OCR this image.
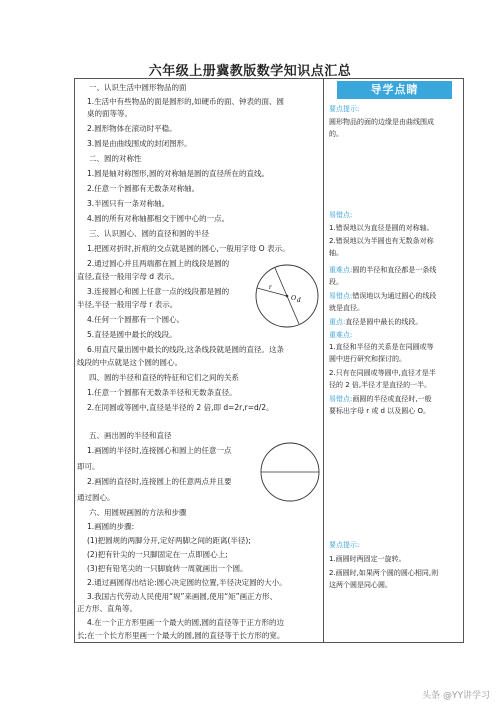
六年级上册冀教版数学知识点汇总
一、认识生活中圆形物品的面
1.生活中有些物品的面是圆形的,如硬币的面、钟表的面、圆
桌的面等等。
2.圆形物体在滚动时平稳。
3.圆是由曲线围成的封闭图形。
二、圆的对称性
1.圆是轴对称图形,圆的对称轴是圆的直径所在的直线。
2.任意一个圆都有无数条对称轴。
3.半圆只有一条对称轴。
4.圆的所有对称轴都相交于圆中心的一点。
三、认识圆心、圆的直径和圆的半径
1.把圆对折时,折痕的交点就是圆的圆心,一般用字母 O 表示。
2.通过圆心并且两端都在圆上的线段是圆的
直径,直径一般用字母 d 表示。
3.连接圆心和圆上任意一点的线段都是圆的
半径,半径一般用字母 r 表示。
4.任何一个圆都有一个圆心。
5.直径是圆中最长的线段。
6.用直尺量出圆中最长的线段,这条线段就是圆的直径。这条
线段的中点就是这个圆的圆心。
四、圆的半径和直径的特征和它们之间的关系
1.任意一个圆都有无数条半径和无数条直径。
2.在同圆或等圆中,直径是半径的 2 倍,即 d=2r,r=d/2。
五、画出圆的半径和直径
1.画圆的半径时,连接圆心和圆上的任意一点
即可。
2.画圆的直径时,连接圆上的任意两点并且要
通过圆心。
六、用圆规画圆的方法和步骤
1.画圆的步骤:
(1)把圆规的两脚分开,定好两脚之间的距离(半径);
(2)把有针尖的一只脚固定在一点即圆心上;
(3)把有铅笔尖的一只脚旋转一周就画出一个圆。
2.通过画圆得出结论:圆心决定圆的位置,半径决定圆的大小。
3.我国古代劳动人民使用“规”来画圆,使用“矩”画正方形、
正方形、直角等。
4.在一个正方形里画一个最大的圆,圆的直径等于正方形的边
长;在一个长方形里画一个最大的圆,圆的直径等于长方形的宽。
O
r
d
导学点睛
要点提示:
圆形物品的面的边缘是由曲线围成
的。
易错点:
1.错误地以为直径是圆的对称轴。
2.错误地以为半圆也有无数条对称
轴。
重难点:圆的半径和直径都是一条线
段。
易错点:错误地以为通过圆心的线段
就是直径。
重点:直径是圆中最长的线段。
重难点:
1.直径和半径的关系是在同圆或等
圆中进行研究和探讨的。
2.只有在同圆或等圆中,直径才是半
径的 2 倍,半径才是直径的一半。
易错点:画圆的半径或直径时,一般
要标出字母 r 或 d 以及圆心 O。
要点提示:
1.画圆时两固定一旋转。
2.画圆时,如果两个圆的圆心相同,则
这两个圆是同心圆。
头条 @YY讲学习
